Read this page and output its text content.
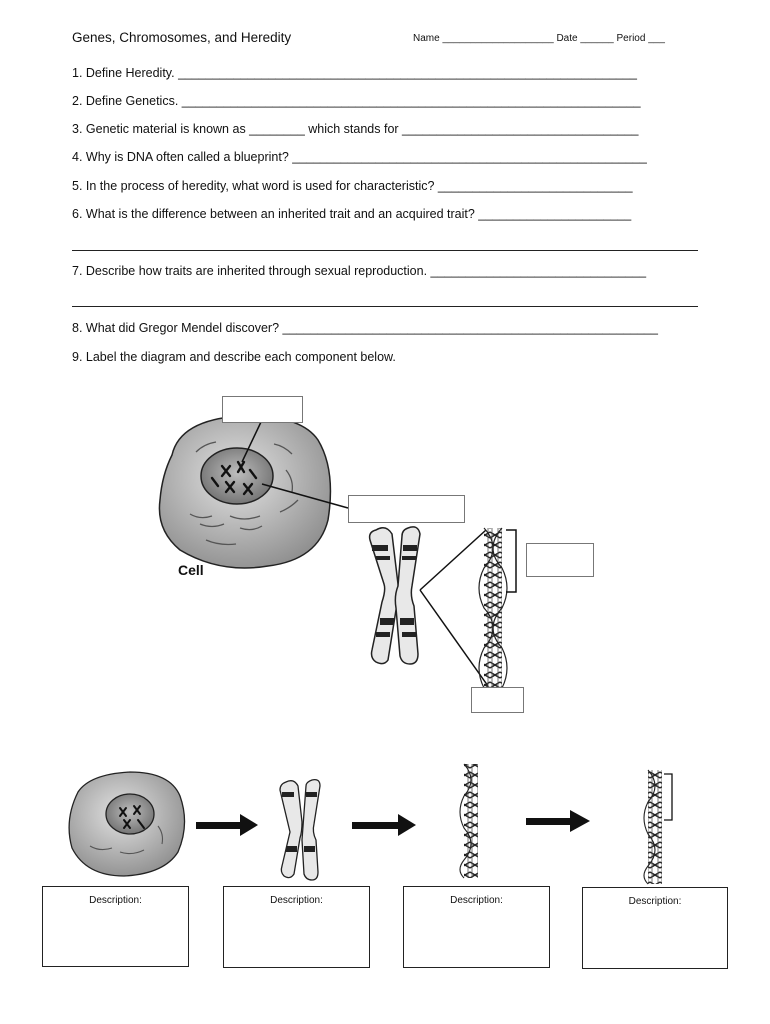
Genes, Chromosomes, and Heredity	Name ____________________ Date ______ Period ___
1. Define Heredity. __________________________________________________________________
2. Define Genetics. __________________________________________________________________
3. Genetic material is known as ________ which stands for __________________________________
4. Why is DNA often called a blueprint? ___________________________________________________
5. In the process of heredity, what word is used for characteristic? ____________________________
6. What is the difference between an inherited trait and an acquired trait? ______________________
7. Describe how traits are inherited through sexual reproduction. _______________________________
8. What did Gregor Mendel discover? ______________________________________________________
9. Label the diagram and describe each component below.
Cell
Description:	Description:	Description:	Description:
